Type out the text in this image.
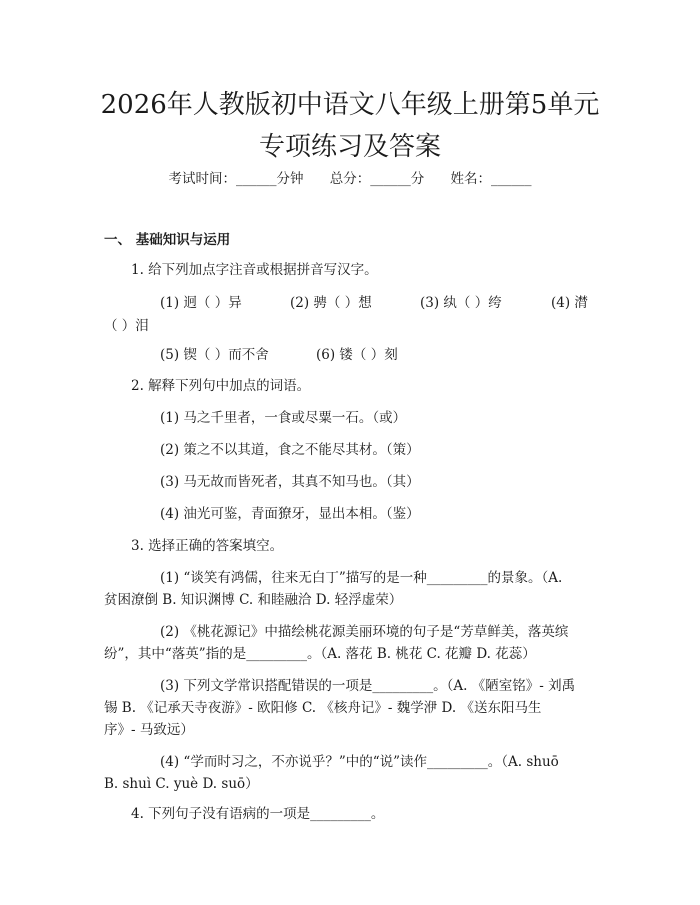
2026年人教版初中语文八年级上册第5单元
专项练习及答案
考试时间：______分钟 总分：______分 姓名：______
一、 基础知识与运用
1. 给下列加点字注音或根据拼音写汉字。
(1) 迥（ ）异	(2) 骋（ ）想	(3) 纨（ ）绔	(4) 潸
（ ）泪
(5) 锲（ ）而不舍	(6) 镂（ ）刻
2. 解释下列句中加点的词语。
(1) 马之千里者，一食或尽粟一石。（或）
(2) 策之不以其道，食之不能尽其材。（策）
(3) 马无故而皆死者，其真不知马也。（其）
(4) 油光可鉴，青面獠牙，显出本相。（鉴）
3. 选择正确的答案填空。
(1) “谈笑有鸿儒，往来无白丁”描写的是一种_________的景象。（A.
贫困潦倒 B. 知识渊博 C. 和睦融洽 D. 轻浮虚荣）
(2) 《桃花源记》中描绘桃花源美丽环境的句子是“芳草鲜美，落英缤
纷”，其中“落英”指的是_________。（A. 落花 B. 桃花 C. 花瓣 D. 花蕊）
(3) 下列文学常识搭配错误的一项是_________。（A. 《陋室铭》- 刘禹
锡 B. 《记承天寺夜游》- 欧阳修 C. 《核舟记》- 魏学洢 D. 《送东阳马生
序》- 马致远）
(4) “学而时习之，不亦说乎？”中的“说”读作_________。（A. shuō
B. shuì C. yuè D. suō）
4. 下列句子没有语病的一项是_________。
